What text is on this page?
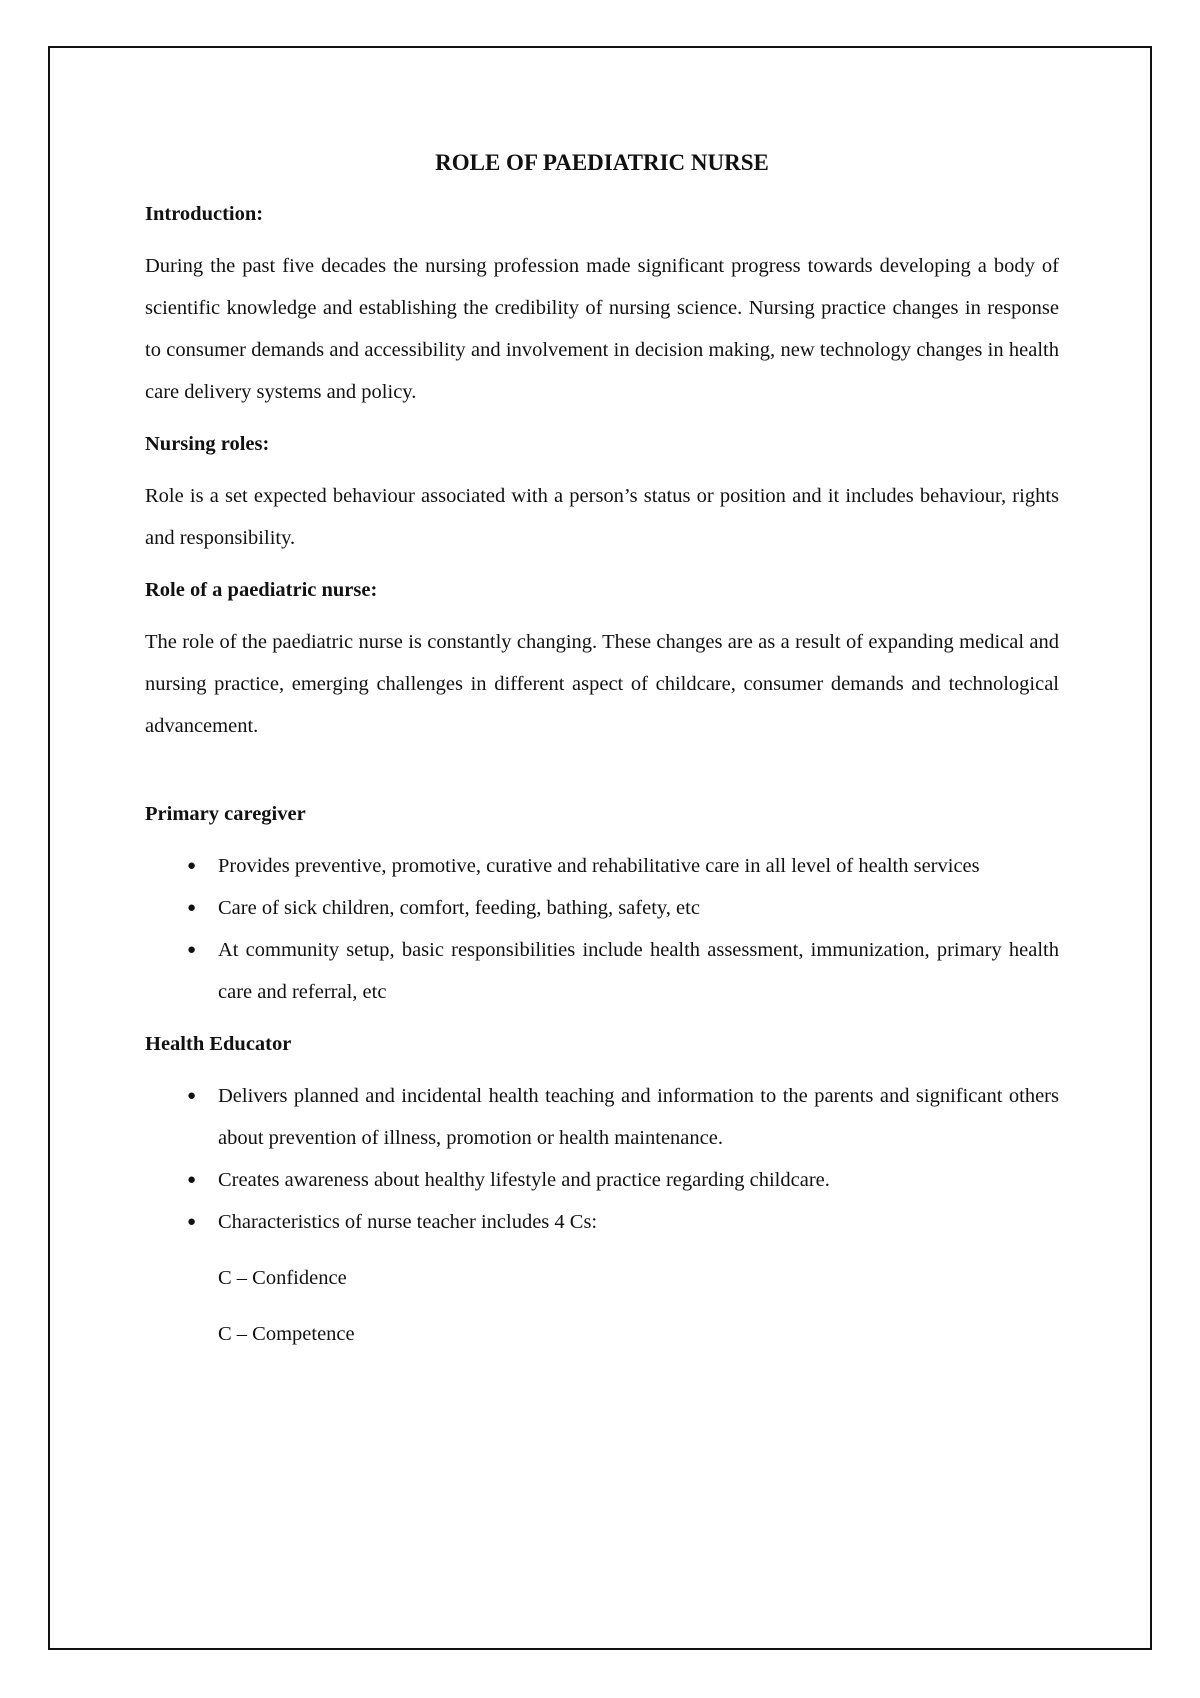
ROLE OF PAEDIATRIC NURSE
Introduction:
During the past five decades the nursing profession made significant progress towards developing a body of scientific knowledge and establishing the credibility of nursing science. Nursing practice changes in response to consumer demands and accessibility and involvement in decision making, new technology changes in health care delivery systems and policy.
Nursing roles:
Role is a set expected behaviour associated with a person’s status or position and it includes behaviour, rights and responsibility.
Role of a paediatric nurse:
The role of the paediatric nurse is constantly changing. These changes are as a result of expanding medical and nursing practice, emerging challenges in different aspect of childcare, consumer demands and technological advancement.
Primary caregiver
● Provides preventive, promotive, curative and rehabilitative care in all level of health services
● Care of sick children, comfort, feeding, bathing, safety, etc
● At community setup, basic responsibilities include health assessment, immunization, primary health care and referral, etc
Health Educator
● Delivers planned and incidental health teaching and information to the parents and significant others about prevention of illness, promotion or health maintenance.
● Creates awareness about healthy lifestyle and practice regarding childcare.
● Characteristics of nurse teacher includes 4 Cs:
C – Confidence
C – Competence
